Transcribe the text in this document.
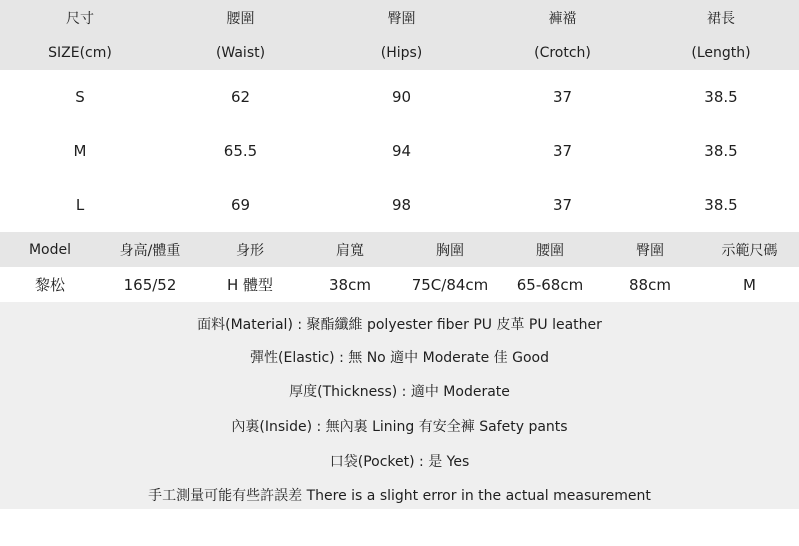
尺寸	腰圍	臀圍	褲襠	裙長
SIZE(cm)	(Waist)	(Hips)	(Crotch)	(Length)
S	62	90	37	38.5
M	65.5	94	37	38.5
L	69	98	37	38.5
Model	身高/體重	身形	肩寬	胸圍	腰圍	臀圍	示範尺碼
黎松	165/52	H 體型	38cm	75C/84cm	65-68cm	88cm	M
面料(Material) : 聚酯纖維 polyester fiber PU 皮革 PU leather
彈性(Elastic) : 無 No 適中 Moderate 佳 Good
厚度(Thickness) : 適中 Moderate
內裏(Inside) : 無內裏 Lining 有安全褲 Safety pants
口袋(Pocket) : 是 Yes
手工測量可能有些許誤差 There is a slight error in the actual measurement
